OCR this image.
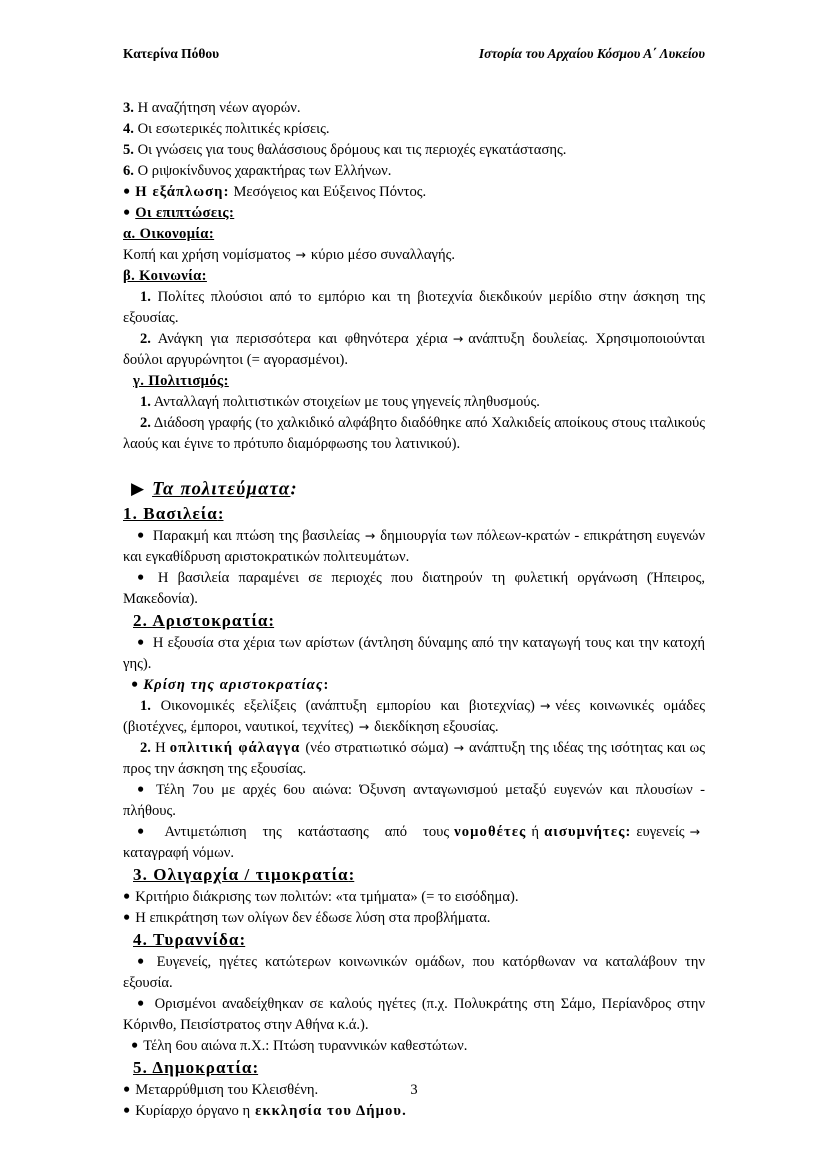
Κατερίνα Πόθου	Ιστορία του Αρχαίου Κόσμου Α΄ Λυκείου

3. Η αναζήτηση νέων αγορών.

4. Οι εσωτερικές πολιτικές κρίσεις.

5. Οι γνώσεις για τους θαλάσσιους δρόμους και τις περιοχές εγκατάστασης.

6. Ο ριψοκίνδυνος χαρακτήρας των Ελλήνων.

● Η εξάπλωση: Μεσόγειος και Εύξεινος Πόντος.

● Οι επιπτώσεις:

α. Οικονομία:

Κοπή και χρήση νομίσματος → κύριο μέσο συναλλαγής.

β. Κοινωνία:

1. Πολίτες πλούσιοι από το εμπόριο και τη βιοτεχνία διεκδικούν μερίδιο στην άσκηση της εξουσίας.

2. Ανάγκη για περισσότερα και φθηνότερα χέρια → ανάπτυξη δουλείας. Χρησιμοποιούνται δούλοι αργυρώνητοι (= αγορασμένοι).

γ. Πολιτισμός:

1. Ανταλλαγή πολιτιστικών στοιχείων με τους γηγενείς πληθυσμούς.

2. Διάδοση γραφής (το χαλκιδικό αλφάβητο διαδόθηκε από Χαλκιδείς αποίκους στους ιταλικούς λαούς και έγινε το πρότυπο διαμόρφωσης του λατινικού).

▶ Τα πολιτεύματα:

1. Βασιλεία:

● Παρακμή και πτώση της βασιλείας → δημιουργία των πόλεων-κρατών - επικράτηση ευγενών και εγκαθίδρυση αριστοκρατικών πολιτευμάτων.

● Η βασιλεία παραμένει σε περιοχές που διατηρούν τη φυλετική οργάνωση (Ήπειρος, Μακεδονία).

2. Αριστοκρατία:

● Η εξουσία στα χέρια των αρίστων (άντληση δύναμης από την καταγωγή τους και την κατοχή γης).

● Κρίση της αριστοκρατίας:

1. Οικονομικές εξελίξεις (ανάπτυξη εμπορίου και βιοτεχνίας) → νέες κοινωνικές ομάδες (βιοτέχνες, έμποροι, ναυτικοί, τεχνίτες) → διεκδίκηση εξουσίας.

2. Η οπλιτική φάλαγγα (νέο στρατιωτικό σώμα) → ανάπτυξη της ιδέας της ισότητας και ως προς την άσκηση της εξουσίας.

● Τέλη 7ου με αρχές 6ου αιώνα: Όξυνση ανταγωνισμού μεταξύ ευγενών και πλουσίων - πλήθους.

● Αντιμετώπιση της κατάστασης από τους νομοθέτες ή αισυμνήτες: ευγενείς →καταγραφή νόμων.

3. Ολιγαρχία / τιμοκρατία:

● Κριτήριο διάκρισης των πολιτών: «τα τμήματα» (= το εισόδημα).

● Η επικράτηση των ολίγων δεν έδωσε λύση στα προβλήματα.

4. Τυραννίδα:

● Ευγενείς, ηγέτες κατώτερων κοινωνικών ομάδων, που κατόρθωναν να καταλάβουν την εξουσία.

● Ορισμένοι αναδείχθηκαν σε καλούς ηγέτες (π.χ. Πολυκράτης στη Σάμο, Περίανδρος στην Κόρινθο, Πεισίστρατος στην Αθήνα κ.ά.).

● Τέλη 6ου αιώνα π.Χ.: Πτώση τυραννικών καθεστώτων.

5. Δημοκρατία:

● Μεταρρύθμιση του Κλεισθένη.

● Κυρίαρχο όργανο η εκκλησία του Δήμου.

3
